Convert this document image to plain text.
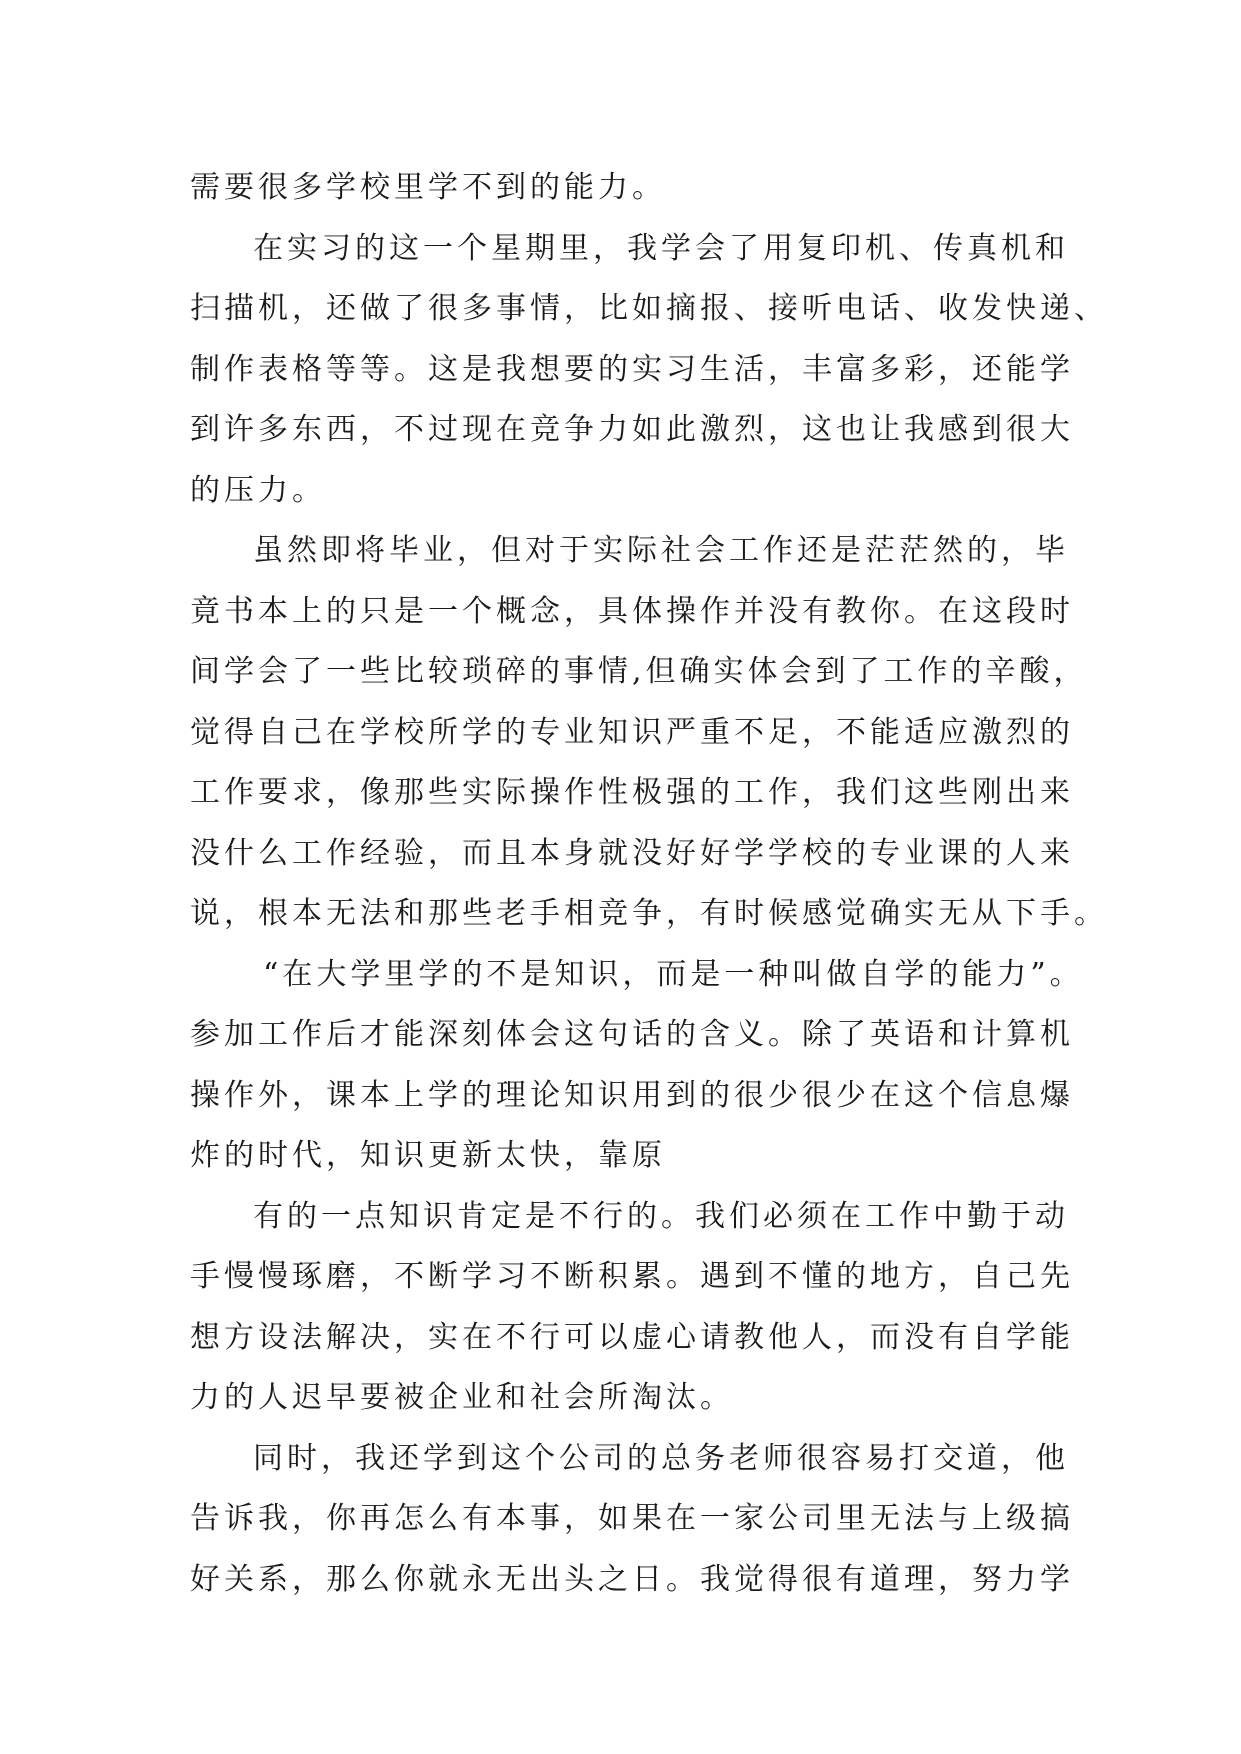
需要很多学校里学不到的能力。
在实习的这一个星期里，我学会了用复印机、传真机和
扫描机，还做了很多事情，比如摘报、接听电话、收发快递、
制作表格等等。这是我想要的实习生活，丰富多彩，还能学
到许多东西，不过现在竞争力如此激烈，这也让我感到很大
的压力。
虽然即将毕业，但对于实际社会工作还是茫茫然的，毕
竟书本上的只是一个概念，具体操作并没有教你。在这段时
间学会了一些比较琐碎的事情,但确实体会到了工作的辛酸，
觉得自己在学校所学的专业知识严重不足，不能适应激烈的
工作要求，像那些实际操作性极强的工作，我们这些刚出来
没什么工作经验，而且本身就没好好学学校的专业课的人来
说，根本无法和那些老手相竞争，有时候感觉确实无从下手。
“在大学里学的不是知识，而是一种叫做自学的能力”。
参加工作后才能深刻体会这句话的含义。除了英语和计算机
操作外，课本上学的理论知识用到的很少很少在这个信息爆
炸的时代，知识更新太快，靠原
有的一点知识肯定是不行的。我们必须在工作中勤于动
手慢慢琢磨，不断学习不断积累。遇到不懂的地方，自己先
想方设法解决，实在不行可以虚心请教他人，而没有自学能
力的人迟早要被企业和社会所淘汰。
同时，我还学到这个公司的总务老师很容易打交道，他
告诉我，你再怎么有本事，如果在一家公司里无法与上级搞
好关系，那么你就永无出头之日。我觉得很有道理，努力学
